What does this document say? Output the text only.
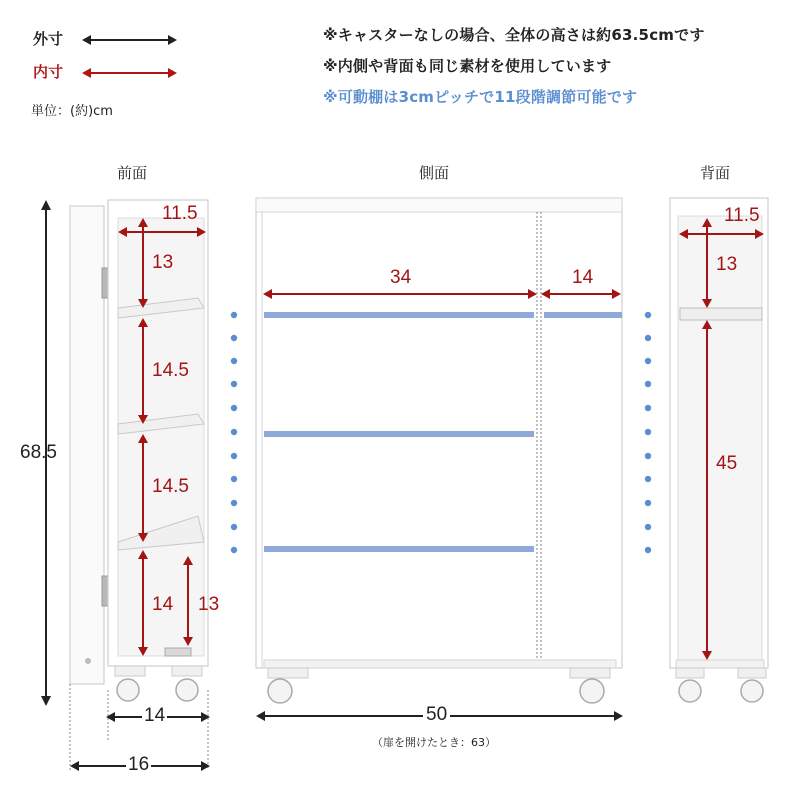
外寸
内寸
単位：(約)cm
※キャスターなしの場合、全体の高さは約63.5cmです
※内側や背面も同じ素材を使用しています
※可動棚は3cmピッチで11段階調節可能です
前面	側面	背面
11.5
13
14.5
14.5
14 13
68.5
14
16
34	14
50
（扉を開けたとき：63）
11.5
13
45
